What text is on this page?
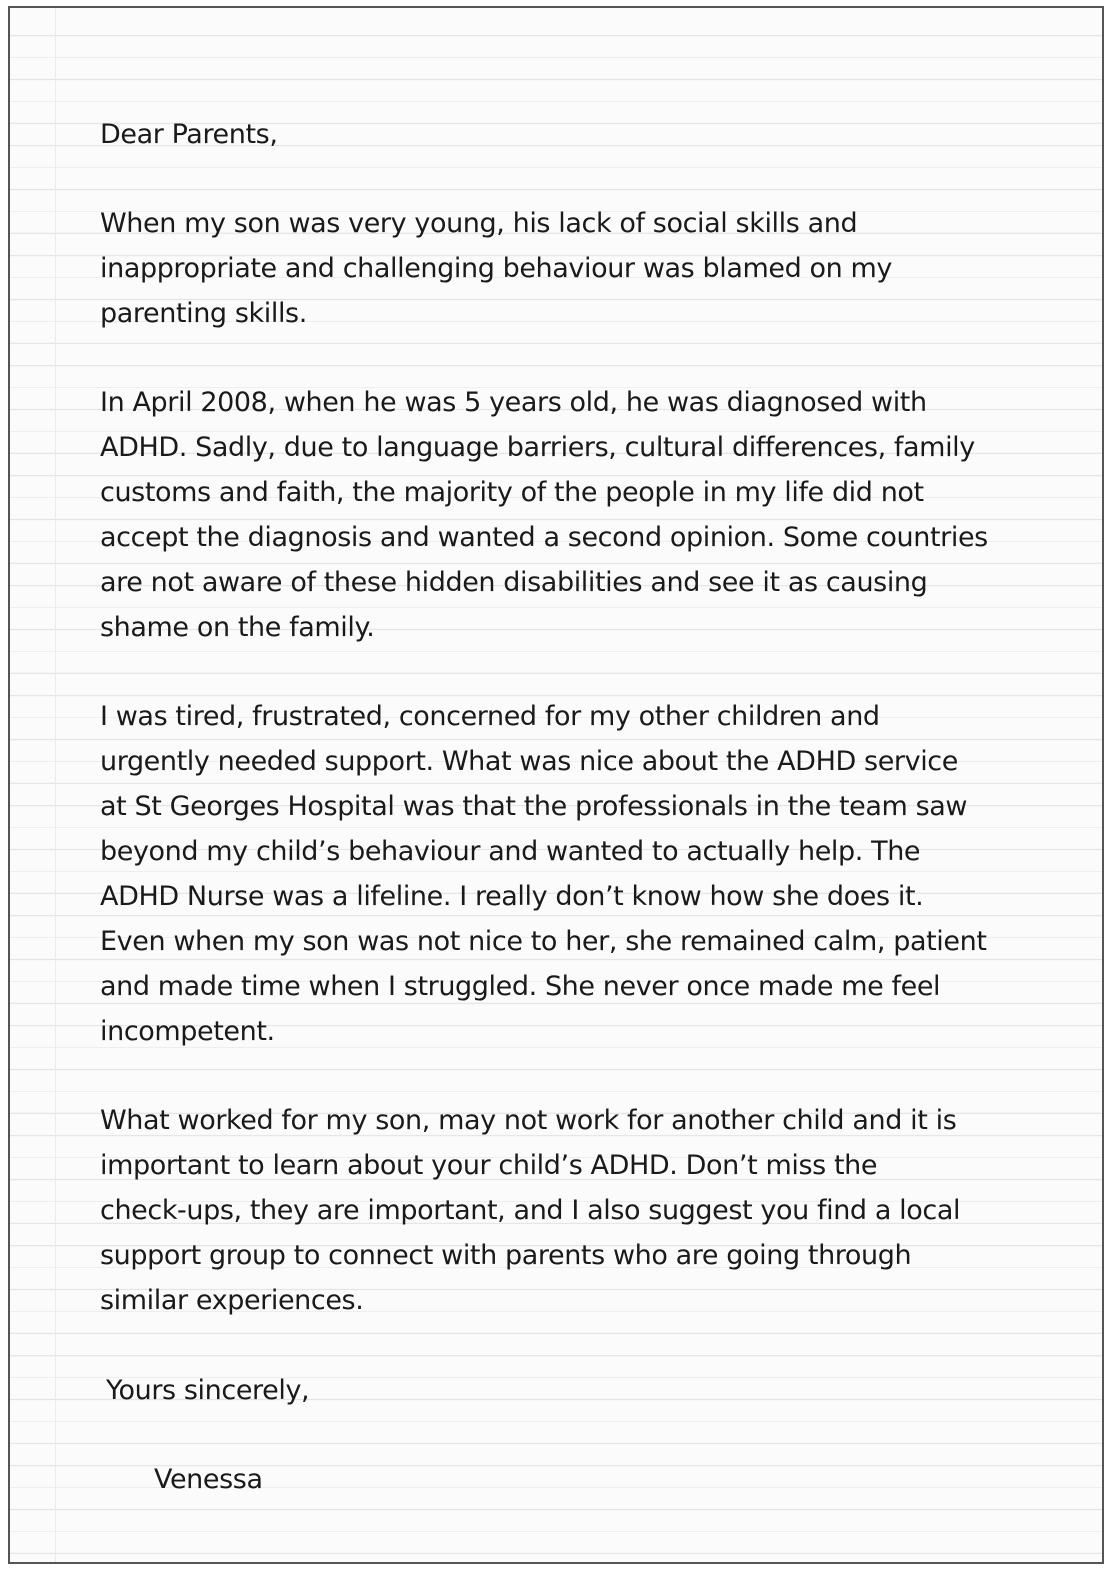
Dear Parents,

When my son was very young, his lack of social skills and
inappropriate and challenging behaviour was blamed on my
parenting skills.

In April 2008, when he was 5 years old, he was diagnosed with
ADHD. Sadly, due to language barriers, cultural differences, family
customs and faith, the majority of the people in my life did not
accept the diagnosis and wanted a second opinion. Some countries
are not aware of these hidden disabilities and see it as causing
shame on the family.

I was tired, frustrated, concerned for my other children and
urgently needed support. What was nice about the ADHD service
at St Georges Hospital was that the professionals in the team saw
beyond my child’s behaviour and wanted to actually help. The
ADHD Nurse was a lifeline. I really don’t know how she does it.
Even when my son was not nice to her, she remained calm, patient
and made time when I struggled. She never once made me feel
incompetent.

What worked for my son, may not work for another child and it is
important to learn about your child’s ADHD. Don’t miss the
check-ups, they are important, and I also suggest you find a local
support group to connect with parents who are going through
similar experiences.

Yours sincerely,
Venessa
